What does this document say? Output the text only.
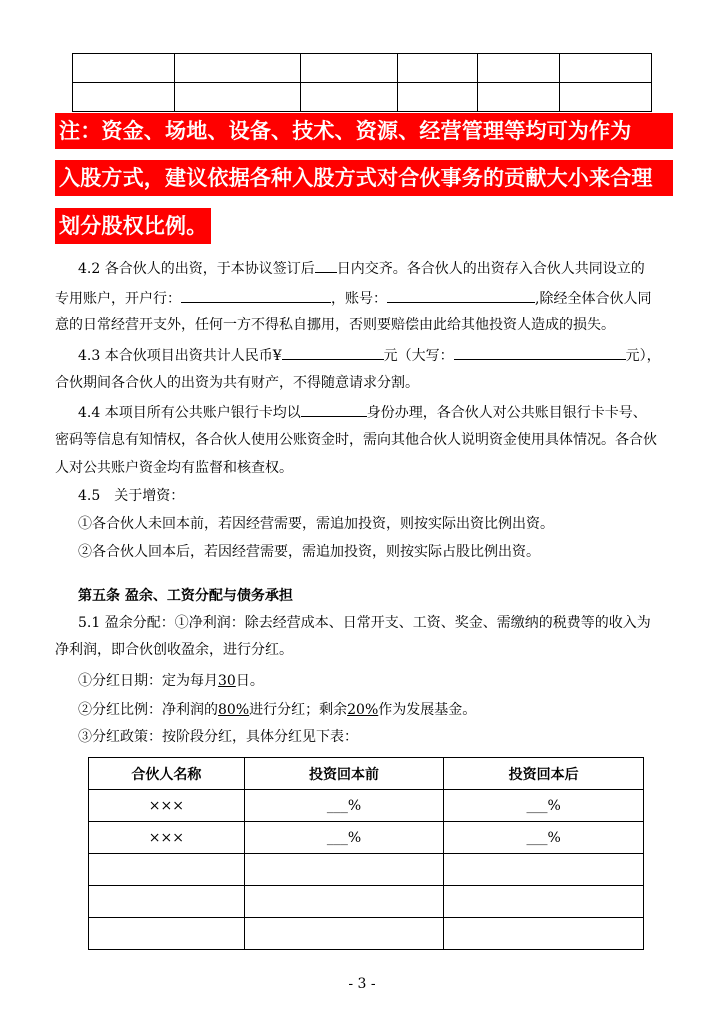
注：资金、场地、设备、技术、资源、经营管理等均可为作为
入股方式，建议依据各种入股方式对合伙事务的贡献大小来合理
划分股权比例。
4.2 各合伙人的出资，于本协议签订后 日内交齐。各合伙人的出资存入合伙人共同设立的
专用账户，开户行：	，账号：	,除经全体合伙人同
意的日常经营开支外，任何一方不得私自挪用，否则要赔偿由此给其他投资人造成的损失。
4.3 本合伙项目出资共计人民币¥	元（大写：	元），
合伙期间各合伙人的出资为共有财产，不得随意请求分割。
4.4 本项目所有公共账户银行卡均以	身份办理，各合伙人对公共账目银行卡卡号、
密码等信息有知情权，各合伙人使用公账资金时，需向其他合伙人说明资金使用具体情况。各合伙
人对公共账户资金均有监督和核查权。
4.5　关于增资：
①各合伙人未回本前，若因经营需要，需追加投资，则按实际出资比例出资。
②各合伙人回本后，若因经营需要，需追加投资，则按实际占股比例出资。
第五条 盈余、工资分配与债务承担
5.1 盈余分配：①净利润：除去经营成本、日常开支、工资、奖金、需缴纳的税费等的收入为
净利润，即合伙创收盈余，进行分红。
①分红日期：定为每月30日。
②分红比例：净利润的80%进行分红；剩余20%作为发展基金。
③分红政策：按阶段分红，具体分红见下表：
合伙人名称	投资回本前	投资回本后
×××	___%	___%
×××	___%	___%

- 3 -
